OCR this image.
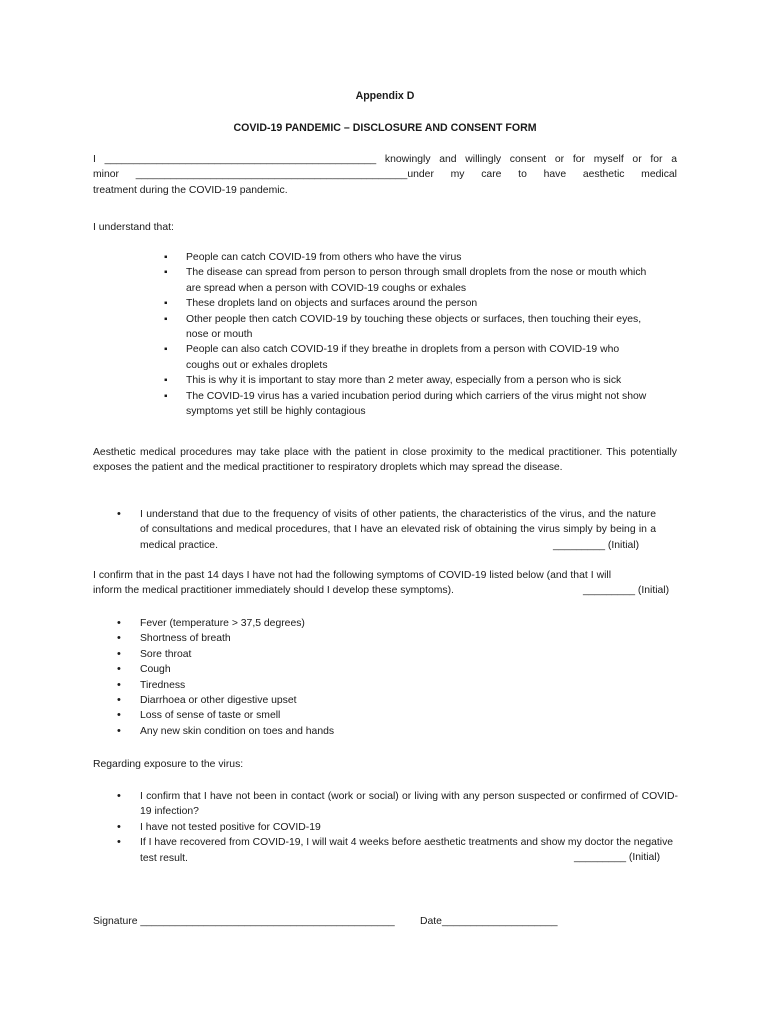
Appendix D
COVID-19 PANDEMIC – DISCLOSURE AND CONSENT FORM

I _______________________________________________ knowingly and willingly consent or for myself or for a

minor _______________________________________________under my care to have aesthetic medical

treatment during the COVID-19 pandemic.

I understand that:
▪ People can catch COVID-19 from others who have the virus
▪ The disease can spread from person to person through small droplets from the nose or mouth which are spread when a person with COVID-19 coughs or exhales
▪ These droplets land on objects and surfaces around the person
▪ Other people then catch COVID-19 by touching these objects or surfaces, then touching their eyes, nose or mouth
▪ People can also catch COVID-19 if they breathe in droplets from a person with COVID-19 who coughs out or exhales droplets
▪ This is why it is important to stay more than 2 meter away, especially from a person who is sick
▪ The COVID-19 virus has a varied incubation period during which carriers of the virus might not show symptoms yet still be highly contagious
Aesthetic medical procedures may take place with the patient in close proximity to the medical practitioner. This potentially exposes the patient and the medical practitioner to respiratory droplets which may spread the disease.
• I understand that due to the frequency of visits of other patients, the characteristics of the virus, and the nature of consultations and medical procedures, that I have an elevated risk of obtaining the virus simply by being in a medical practice.	_________ (Initial)
I confirm that in the past 14 days I have not had the following symptoms of COVID-19 listed below (and that I will inform the medical practitioner immediately should I develop these symptoms).	_________ (Initial)
• Fever (temperature > 37,5 degrees)
• Shortness of breath
• Sore throat
• Cough
• Tiredness
• Diarrhoea or other digestive upset
• Loss of sense of taste or smell
• Any new skin condition on toes and hands
Regarding exposure to the virus:
• I confirm that I have not been in contact (work or social) or living with any person suspected or confirmed of COVID-19 infection?
• I have not tested positive for COVID-19
• If I have recovered from COVID-19, I will wait 4 weeks before aesthetic treatments and show my doctor the negative test result.	_________ (Initial)
Signature ____________________________________________ Date____________________
